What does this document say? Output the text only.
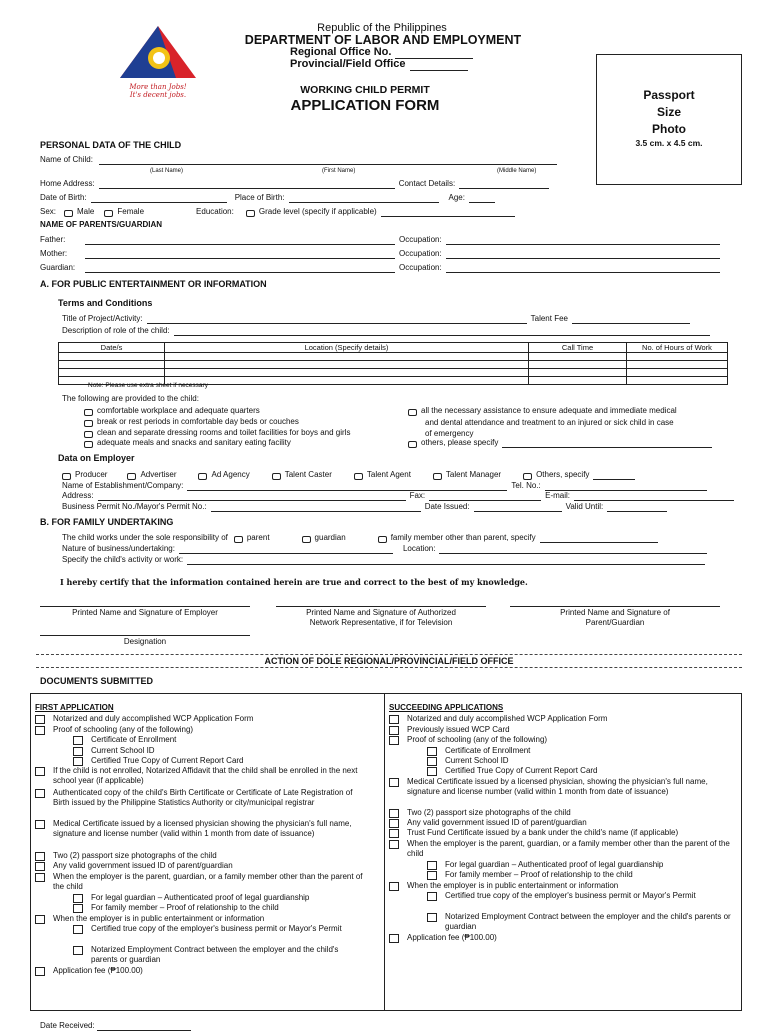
More than Jobs!
It's decent jobs.
Republic of the Philippines
DEPARTMENT OF LABOR AND EMPLOYMENT
Regional Office No.
Provincial/Field Office
WORKING CHILD PERMIT
APPLICATION FORM
Passport
Size
Photo
3.5 cm. x 4.5 cm.
PERSONAL DATA OF THE CHILD
Name of Child:
(Last Name)	(First Name)	(Middle Name)
Home Address:	Contact Details:
Date of Birth:	Place of Birth:	Age:
Sex:	Male	Female	Education:	Grade level (specify if applicable)
NAME OF PARENTS/GUARDIAN
Father:	Occupation:
Mother:	Occupation:
Guardian:	Occupation:
A. FOR PUBLIC ENTERTAINMENT OR INFORMATION
Terms and Conditions
Title of Project/Activity:	Talent Fee
Description of role of the child:
Date/s	Location (Specify details)	Call Time	No. of Hours of Work

Note: Please use extra sheet if necessary
The following are provided to the child:
comfortable workplace and adequate quarters
break or rest periods in comfortable day beds or couches
clean and separate dressing rooms and toilet facilities for boys and girls
adequate meals and snacks and sanitary eating facility
all the necessary assistance to ensure adequate and immediate medical
and dental attendance and treatment to an injured or sick child in case
of emergency
others, please specify
Data on Employer
Producer	Advertiser	Ad Agency	Talent Caster	Talent Agent	Talent Manager	Others, specify
Name of Establishment/Company:	Tel. No.:
Address:	Fax:	E-mail:
Business Permit No./Mayor's Permit No.:	Date Issued:	Valid Until:
B. FOR FAMILY UNDERTAKING
The child works under the sole responsibility of parent	guardian	family member other than parent, specify
Nature of business/undertaking:	Location:
Specify the child's activity or work:
I hereby certify that the information contained herein are true and correct to the best of my knowledge.
Printed Name and Signature of Employer	Printed Name and Signature of Authorized
Network Representative, if for Television
Printed Name and Signature of
Parent/Guardian
Designation
ACTION OF DOLE REGIONAL/PROVINCIAL/FIELD OFFICE
DOCUMENTS SUBMITTED
FIRST APPLICATION	SUCCEEDING APPLICATIONS
Notarized and duly accomplished WCP Application Form
Proof of schooling (any of the following)
Certificate of Enrollment
Current School ID
Certified True Copy of Current Report Card
If the child is not enrolled, Notarized Affidavit that the child shall be enrolled in the next school year (if applicable)
Authenticated copy of the child's Birth Certificate or Certificate of Late Registration of Birth issued by the Philippine Statistics Authority or city/municipal registrar
Medical Certificate issued by a licensed physician showing the physician's full name, signature and license number (valid within 1 month from date of issuance)
Two (2) passport size photographs of the child
Any valid government issued ID of parent/guardian
When the employer is the parent, guardian, or a family member other than the parent of the child
For legal guardian – Authenticated proof of legal guardianship
For family member – Proof of relationship to the child
When the employer is in public entertainment or information
Certified true copy of the employer's business permit or Mayor's Permit
Notarized Employment Contract between the employer and the child's parents or guardian
Application fee (₱100.00)
Notarized and duly accomplished WCP Application Form
Previously issued WCP Card
Proof of schooling (any of the following)
Certificate of Enrollment
Current School ID
Certified True Copy of Current Report Card
Medical Certificate issued by a licensed physician, showing the physician's full name, signature and license number (valid within 1 month from date of issuance)
Two (2) passport size photographs of the child
Any valid government issued ID of parent/guardian
Trust Fund Certificate issued by a bank under the child's name (if applicable)
When the employer is the parent, guardian, or a family member other than the parent of the child
For legal guardian – Authenticated proof of legal guardianship
For family member – Proof of relationship to the child
When the employer is in public entertainment or information
Certified true copy of the employer's business permit or Mayor's Permit
Notarized Employment Contract between the employer and the child's parents or guardian
Application fee (₱100.00)
Date Received:
